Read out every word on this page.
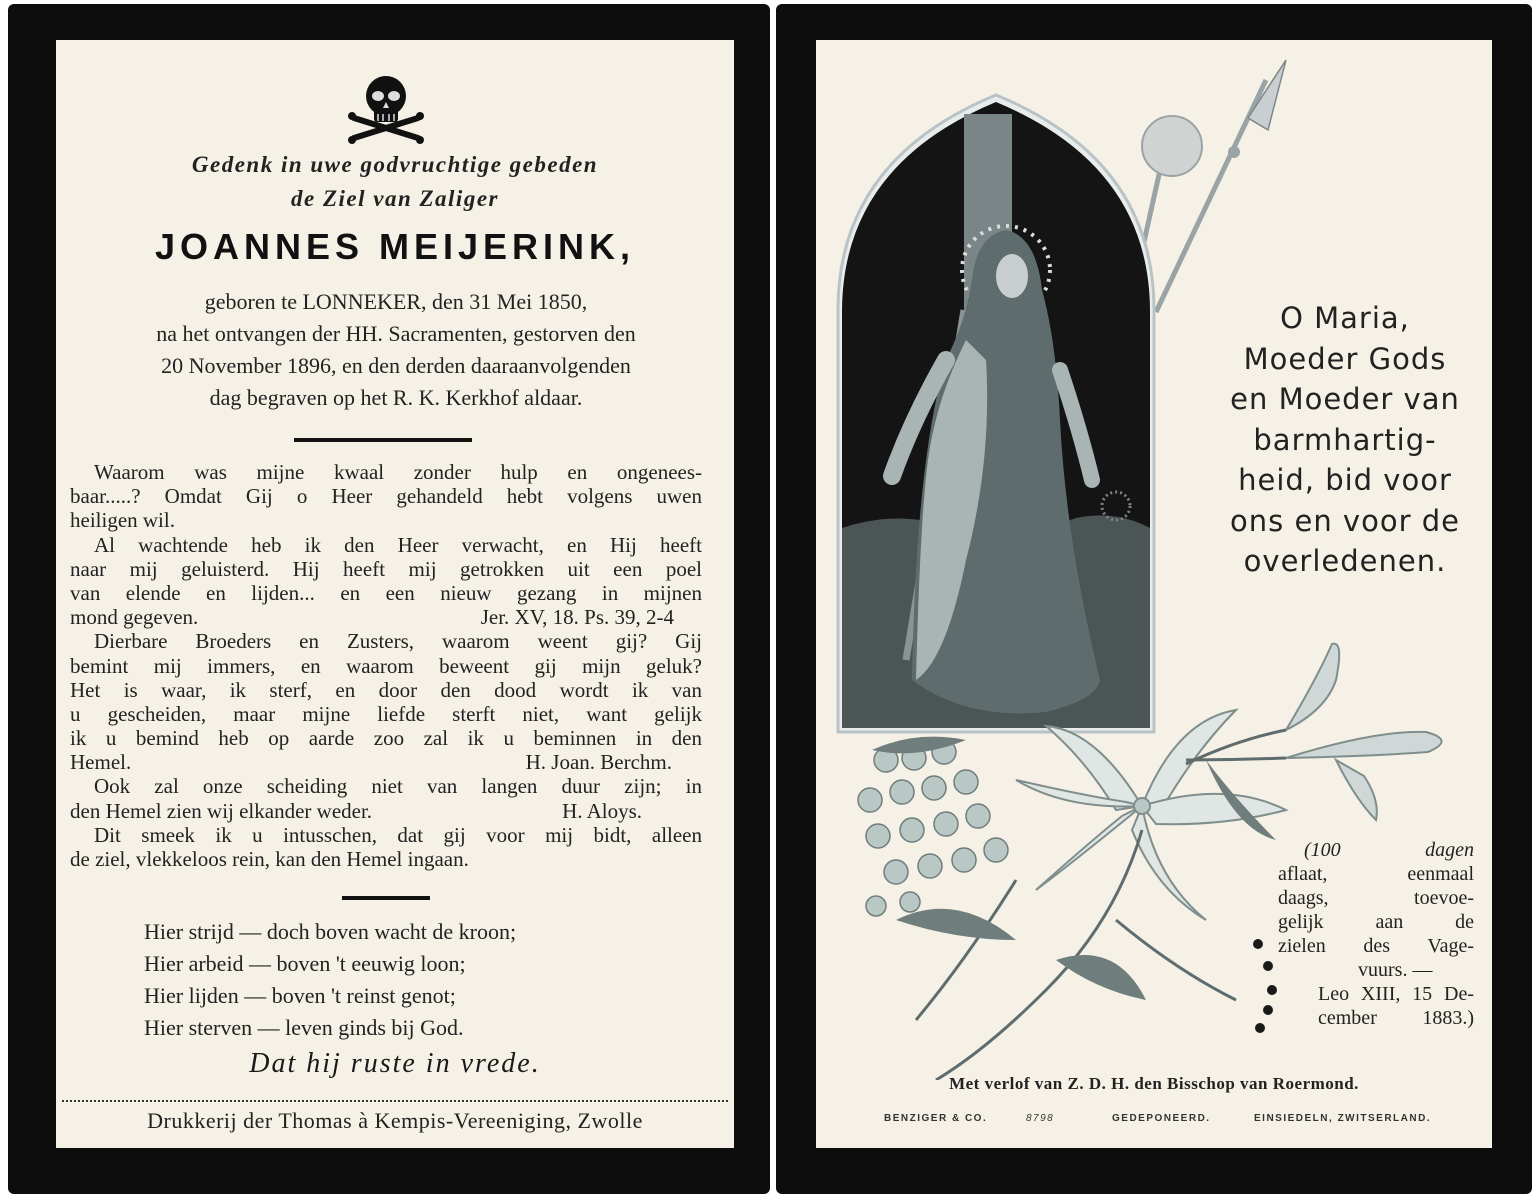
Gedenk in uwe godvruchtige gebeden
de Ziel van Zaliger
JOANNES MEIJERINK,
geboren te LONNEKER, den 31 Mei 1850,
na het ontvangen der HH. Sacramenten, gestorven den
20 November 1896, en den derden daaraanvolgenden
dag begraven op het R. K. Kerkhof aldaar.
Waarom was mijne kwaal zonder hulp en ongenees-
baar.....? Omdat Gij o Heer gehandeld hebt volgens uwen
heiligen wil.
Al wachtende heb ik den Heer verwacht, en Hij heeft
naar mij geluisterd. Hij heeft mij getrokken uit een poel
van elende en lijden... en een nieuw gezang in mijnen
mond gegeven.	Jer. XV, 18. Ps. 39, 2-4
Dierbare Broeders en Zusters, waarom weent gij? Gij
bemint mij immers, en waarom beweent gij mijn geluk?
Het is waar, ik sterf, en door den dood wordt ik van
u gescheiden, maar mijne liefde sterft niet, want gelijk
ik u bemind heb op aarde zoo zal ik u beminnen in den
Hemel.	H. Joan. Berchm.
Ook zal onze scheiding niet van langen duur zijn; in
den Hemel zien wij elkander weder.	H. Aloys.
Dit smeek ik u intusschen, dat gij voor mij bidt, alleen
de ziel, vlekkeloos rein, kan den Hemel ingaan.
Hier strijd — doch boven wacht de kroon;
Hier arbeid — boven 't eeuwig loon;
Hier lijden — boven 't reinst genot;
Hier sterven — leven ginds bij God.
Dat hij ruste in vrede.
Drukkerij der Thomas à Kempis-Vereeniging, Zwolle
O Maria,
Moeder Gods
en Moeder van
barmhartig-
heid, bid voor
ons en voor de
overledenen.
(100 dagen
aflaat, eenmaal
daags, toevoe-
gelijk aan de
zielen des Vage-
vuurs. —
Leo XIII, 15 De-
cember 1883.)
Met verlof van Z. D. H. den Bisschop van Roermond.
BENZIGER & CO.	8798	GEDEPONEERD.	EINSIEDELN, ZWITSERLAND.
